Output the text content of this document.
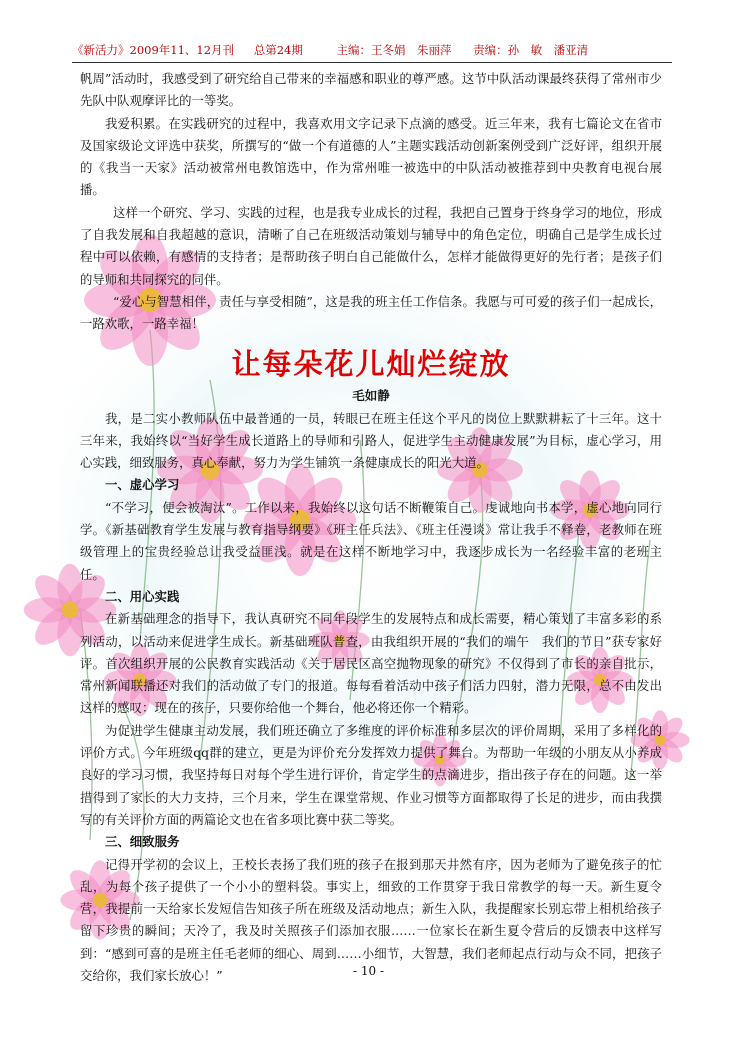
《新活力》2009年11、12月刊 总第24期	主编：王冬娟　朱丽萍 责编：孙　敏　潘亚清

帆周”活动时，我感受到了研究给自己带来的幸福感和职业的尊严感。这节中队活动课最终获得了常州市少先队中队观摩评比的一等奖。

我爱积累。在实践研究的过程中，我喜欢用文字记录下点滴的感受。近三年来，我有七篇论文在省市及国家级论文评选中获奖，所撰写的“做一个有道德的人”主题实践活动创新案例受到广泛好评，组织开展的《我当一天家》活动被常州电教馆选中，作为常州唯一被选中的中队活动被推荐到中央教育电视台展播。

这样一个研究、学习、实践的过程，也是我专业成长的过程，我把自己置身于终身学习的地位，形成了自我发展和自我超越的意识，清晰了自己在班级活动策划与辅导中的角色定位，明确自己是学生成长过程中可以依赖，有感情的支持者；是帮助孩子明白自己能做什么，怎样才能做得更好的先行者；是孩子们的导师和共同探究的同伴。

“爱心与智慧相伴，责任与享受相随”，这是我的班主任工作信条。我愿与可可爱的孩子们一起成长，一路欢歌，一路幸福！

让每朵花儿灿烂绽放
毛如静

我，是二实小教师队伍中最普通的一员，转眼已在班主任这个平凡的岗位上默默耕耘了十三年。这十三年来，我始终以“当好学生成长道路上的导师和引路人，促进学生主动健康发展”为目标，虚心学习，用心实践，细致服务，真心奉献，努力为学生铺筑一条健康成长的阳光大道。

一、虚心学习

“不学习，便会被淘汰”。工作以来，我始终以这句话不断鞭策自己。虔诚地向书本学，虚心地向同行学。《新基础教育学生发展与教育指导纲要》《班主任兵法》、《班主任漫谈》常让我手不释卷，老教师在班级管理上的宝贵经验总让我受益匪浅。就是在这样不断地学习中，我逐步成长为一名经验丰富的老班主任。

二、用心实践

在新基础理念的指导下，我认真研究不同年段学生的发展特点和成长需要，精心策划了丰富多彩的系列活动，以活动来促进学生成长。新基础班队普查，由我组织开展的“我们的端午　我们的节日”获专家好评。首次组织开展的公民教育实践活动《关于居民区高空抛物现象的研究》不仅得到了市长的亲自批示，常州新闻联播还对我们的活动做了专门的报道。每每看着活动中孩子们活力四射，潜力无限，总不由发出这样的感叹：现在的孩子，只要你给他一个舞台，他必将还你一个精彩。

为促进学生健康主动发展，我们班还确立了多维度的评价标准和多层次的评价周期，采用了多样化的评价方式。今年班级qq群的建立，更是为评价充分发挥效力提供了舞台。为帮助一年级的小朋友从小养成良好的学习习惯，我坚持每日对每个学生进行评价，肯定学生的点滴进步，指出孩子存在的问题。这一举措得到了家长的大力支持，三个月来，学生在课堂常规、作业习惯等方面都取得了长足的进步，而由我撰写的有关评价方面的两篇论文也在省多项比赛中获二等奖。

三、细致服务

记得开学初的会议上，王校长表扬了我们班的孩子在报到那天井然有序，因为老师为了避免孩子的忙乱，为每个孩子提供了一个小小的塑料袋。事实上，细致的工作贯穿于我日常教学的每一天。新生夏令营，我提前一天给家长发短信告知孩子所在班级及活动地点；新生入队，我提醒家长别忘带上相机给孩子留下珍贵的瞬间；天冷了，我及时关照孩子们添加衣服……一位家长在新生夏令营后的反馈表中这样写到：“感到可喜的是班主任毛老师的细心、周到……小细节，大智慧，我们老师起点行动与众不同，把孩子交给你，我们家长放心！”	- 10 -
